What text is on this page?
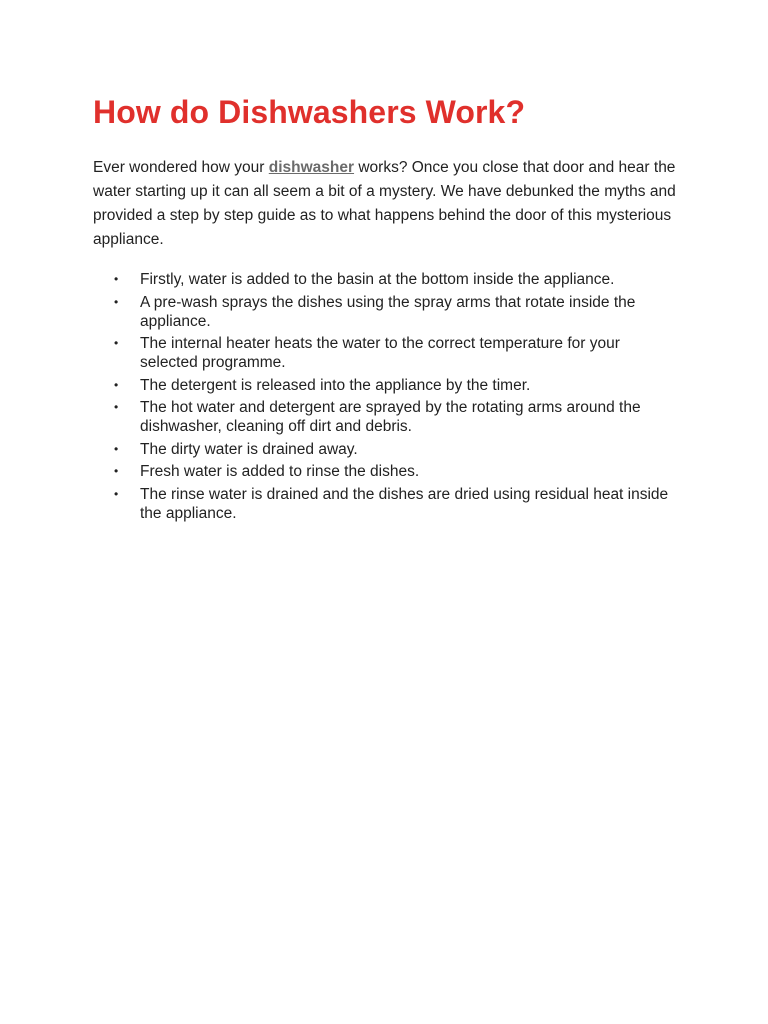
How do Dishwashers Work?

Ever wondered how your dishwasher works? Once you close that door and hear the water starting up it can all seem a bit of a mystery. We have debunked the myths and provided a step by step guide as to what happens behind the door of this mysterious appliance.

• Firstly, water is added to the basin at the bottom inside the appliance.
• A pre-wash sprays the dishes using the spray arms that rotate inside the appliance.
• The internal heater heats the water to the correct temperature for your selected programme.
• The detergent is released into the appliance by the timer.
• The hot water and detergent are sprayed by the rotating arms around the dishwasher, cleaning off dirt and debris.
• The dirty water is drained away.
• Fresh water is added to rinse the dishes.
• The rinse water is drained and the dishes are dried using residual heat inside the appliance.
